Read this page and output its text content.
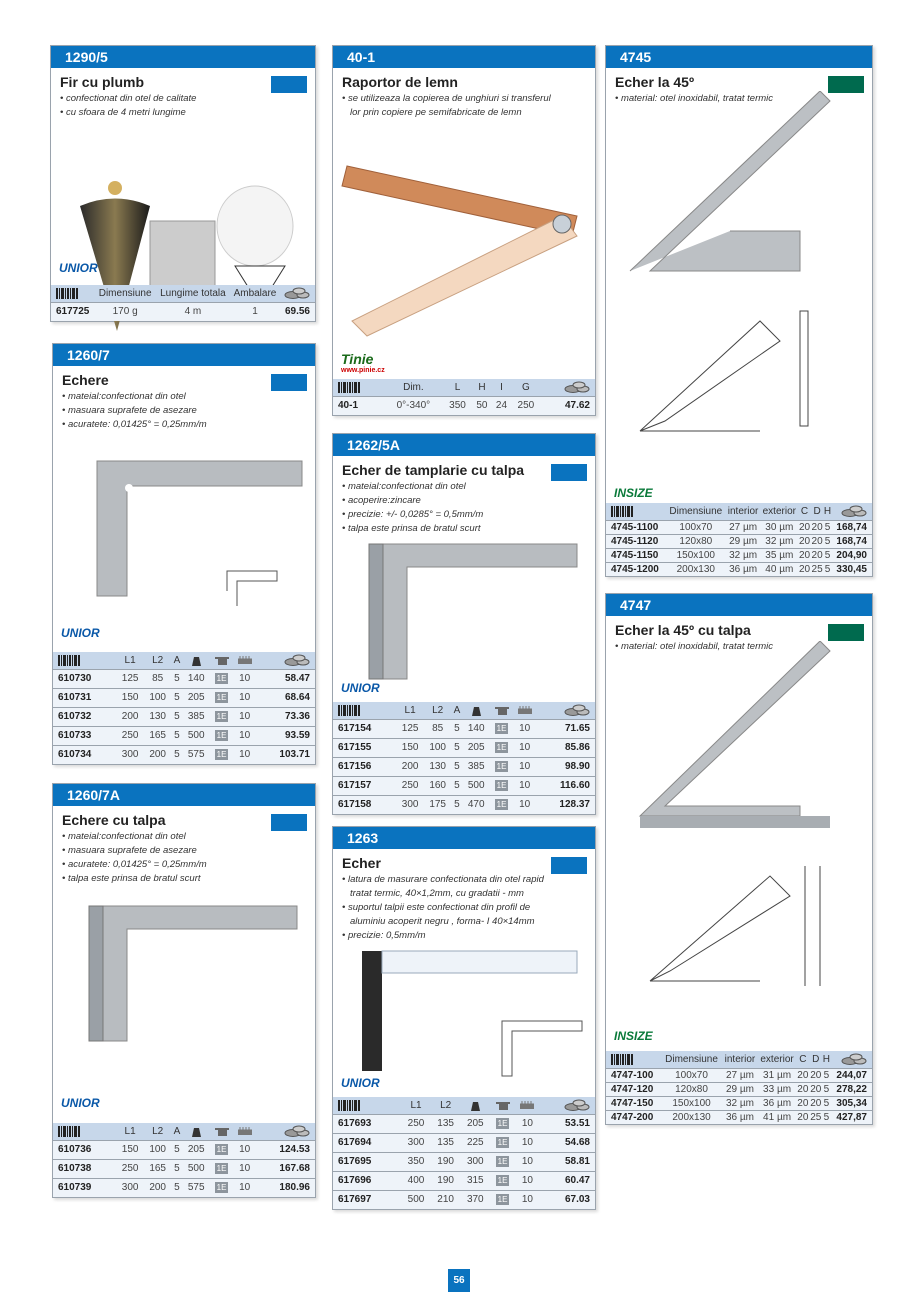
1290/5
Fir cu plumb
• confectionat din otel de calitate
• cu sfoara de 4 metri lungime
UNIOR
	Dimensiune	Lungime totala	Ambalare	
617725	170 g	4 m	1	69.56
1260/7
Echere
• mateial:confectionat din otel
• masuara suprafete de asezare
• acuratete: 0,01425° = 0,25mm/m
UNIOR
	L1	L2	A				
610730	125	85	5	140	1E	10	58.47
610731	150	100	5	205	1E	10	68.64
610732	200	130	5	385	1E	10	73.36
610733	250	165	5	500	1E	10	93.59
610734	300	200	5	575	1E	10	103.71
1260/7A
Echere cu talpa
• mateial:confectionat din otel
• masuara suprafete de asezare
• acuratete: 0,01425° = 0,25mm/m
• talpa este prinsa de bratul scurt
UNIOR
	L1	L2	A				
610736	150	100	5	205	1E	10	124.53
610738	250	165	5	500	1E	10	167.68
610739	300	200	5	575	1E	10	180.96
40-1
Raportor de lemn
• se utilizeaza la copiereа de unghiuri si transferul lor prin copiere pe semifabricate de lemn
Tinie
www.pinie.cz
	Dim.	L	H	I	G	
40-1	0°-340°	350	50	24	250	47.62
1262/5A
Echer de tamplarie cu talpa
• mateial:confectionat din otel
• acoperire:zincare
• precizie: +/- 0,0285° = 0,5mm/m
• talpa este prinsa de bratul scurt
UNIOR
	L1	L2	A				
617154	125	85	5	140	1E	10	71.65
617155	150	100	5	205	1E	10	85.86
617156	200	130	5	385	1E	10	98.90
617157	250	160	5	500	1E	10	116.60
617158	300	175	5	470	1E	10	128.37
1263
Echer
• latura de masurare confectionata din otel rapid tratat termic, 40×1,2mm, cu gradatii - mm
• suportul talpii este confectionat din profil de aluminiu acoperit negru , forma- I 40×14mm
• precizie: 0,5mm/m
UNIOR
	L1	L2				
617693	250	135	205	1E	10	53.51
617694	300	135	225	1E	10	54.68
617695	350	190	300	1E	10	58.81
617696	400	190	315	1E	10	60.47
617697	500	210	370	1E	10	67.03
4745
Echer la 45º
• material: otel inoxidabil, tratat termic
INSIZE
	Dimensiune	interior	exterior	C	D	H	
4745-1100	100x70	27 µm	30 µm	20	20	5	168,74
4745-1120	120x80	29 µm	32 µm	20	20	5	168,74
4745-1150	150x100	32 µm	35 µm	20	20	5	204,90
4745-1200	200x130	36 µm	40 µm	20	25	5	330,45
4747
Echer la 45º cu talpa
• material: otel inoxidabil, tratat termic
INSIZE
	Dimensiune	interior	exterior	C	D	H	
4747-100	100x70	27 µm	31 µm	20	20	5	244,07
4747-120	120x80	29 µm	33 µm	20	20	5	278,22
4747-150	150x100	32 µm	36 µm	20	20	5	305,34
4747-200	200x130	36 µm	41 µm	20	25	5	427,87
56
